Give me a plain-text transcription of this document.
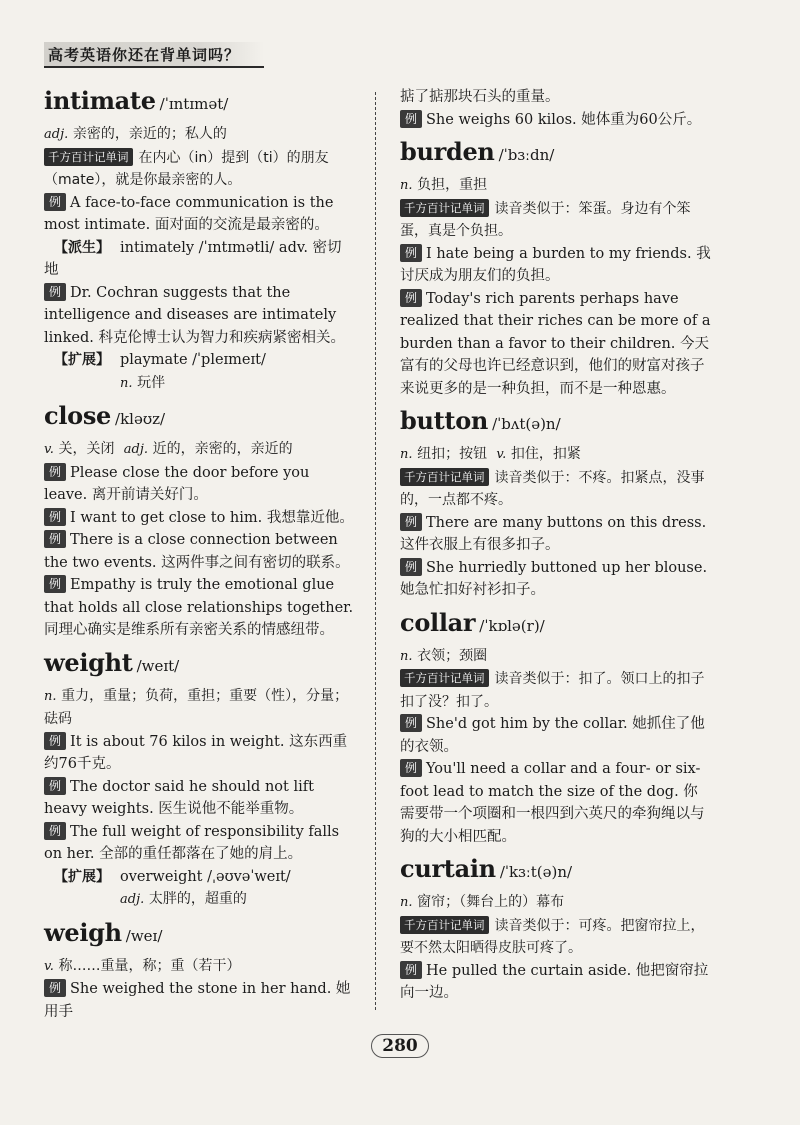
高考英语你还在背单词吗？
intimate /ˈɪntɪmət/

adj. 亲密的，亲近的；私人的

千方百计记单词 在内心（in）提到（ti）的朋友（mate），就是你最亲密的人。

例 A face-to-face communication is the most intimate. 面对面的交流是最亲密的。

【派生】 intimately /ˈɪntɪmətli/ adv. 密切地

例 Dr. Cochran suggests that the intelligence and diseases are intimately linked. 科克伦博士认为智力和疾病紧密相关。

【扩展】 playmate /ˈpleɪmeɪt/

n. 玩伴

close /kləʊz/

v. 关，关闭 adj. 近的，亲密的，亲近的

例 Please close the door before you leave. 离开前请关好门。

例 I want to get close to him. 我想靠近他。

例 There is a close connection between the two events. 这两件事之间有密切的联系。

例 Empathy is truly the emotional glue that holds all close relationships together. 同理心确实是维系所有亲密关系的情感纽带。

weight /weɪt/

n. 重力，重量；负荷，重担；重要（性），分量；砝码

例 It is about 76 kilos in weight. 这东西重约76千克。

例 The doctor said he should not lift heavy weights. 医生说他不能举重物。

例 The full weight of responsibility falls on her. 全部的重任都落在了她的肩上。

【扩展】 overweight /ˌəʊvəˈweɪt/

adj. 太胖的，超重的

weigh /weɪ/

v. 称……重量，称；重（若干）

例 She weighed the stone in her hand. 她用手

掂了掂那块石头的重量。

例 She weighs 60 kilos. 她体重为60公斤。

burden /ˈbɜːdn/

n. 负担，重担

千方百计记单词 读音类似于：笨蛋。身边有个笨蛋，真是个负担。

例 I hate being a burden to my friends. 我讨厌成为朋友们的负担。

例 Today's rich parents perhaps have realized that their riches can be more of a burden than a favor to their children. 今天富有的父母也许已经意识到，他们的财富对孩子来说更多的是一种负担，而不是一种恩惠。

button /ˈbʌt(ə)n/

n. 纽扣；按钮 v. 扣住，扣紧

千方百计记单词 读音类似于：不疼。扣紧点，没事的，一点都不疼。

例 There are many buttons on this dress. 这件衣服上有很多扣子。

例 She hurriedly buttoned up her blouse. 她急忙扣好衬衫扣子。

collar /ˈkɒlə(r)/

n. 衣领；颈圈

千方百计记单词 读音类似于：扣了。领口上的扣子扣了没？扣了。

例 She'd got him by the collar. 她抓住了他的衣领。

例 You'll need a collar and a four- or six-foot lead to match the size of the dog. 你需要带一个项圈和一根四到六英尺的牵狗绳以与狗的大小相匹配。

curtain /ˈkɜːt(ə)n/

n. 窗帘；（舞台上的）幕布

千方百计记单词 读音类似于：可疼。把窗帘拉上，要不然太阳晒得皮肤可疼了。

例 He pulled the curtain aside. 他把窗帘拉向一边。

280
